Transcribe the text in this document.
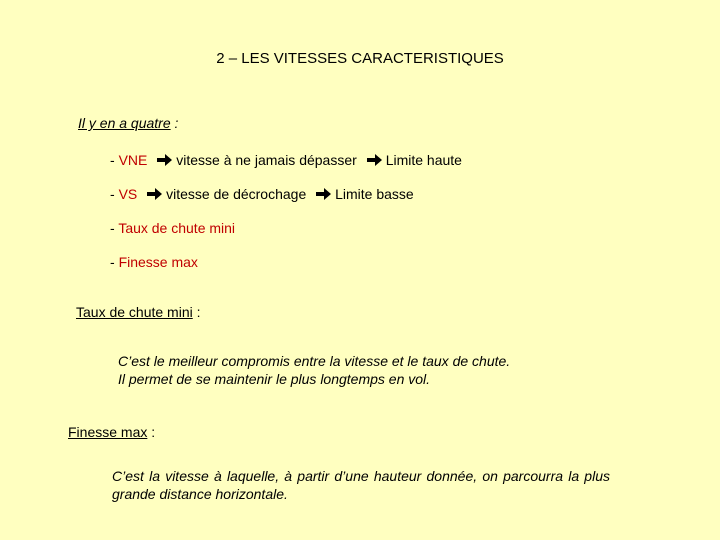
2 – LES VITESSES CARACTERISTIQUES
Il y en a quatre :
- VNE vitesse à ne jamais dépasser Limite haute
- VS vitesse de décrochage Limite basse
- Taux de chute mini
- Finesse max
Taux de chute mini :
C’est le meilleur compromis entre la vitesse et le taux de chute.
Il permet de se maintenir le plus longtemps en vol.
Finesse max :
C’est la vitesse à laquelle, à partir d’une hauteur donnée, on parcourra la plus grande distance horizontale.
